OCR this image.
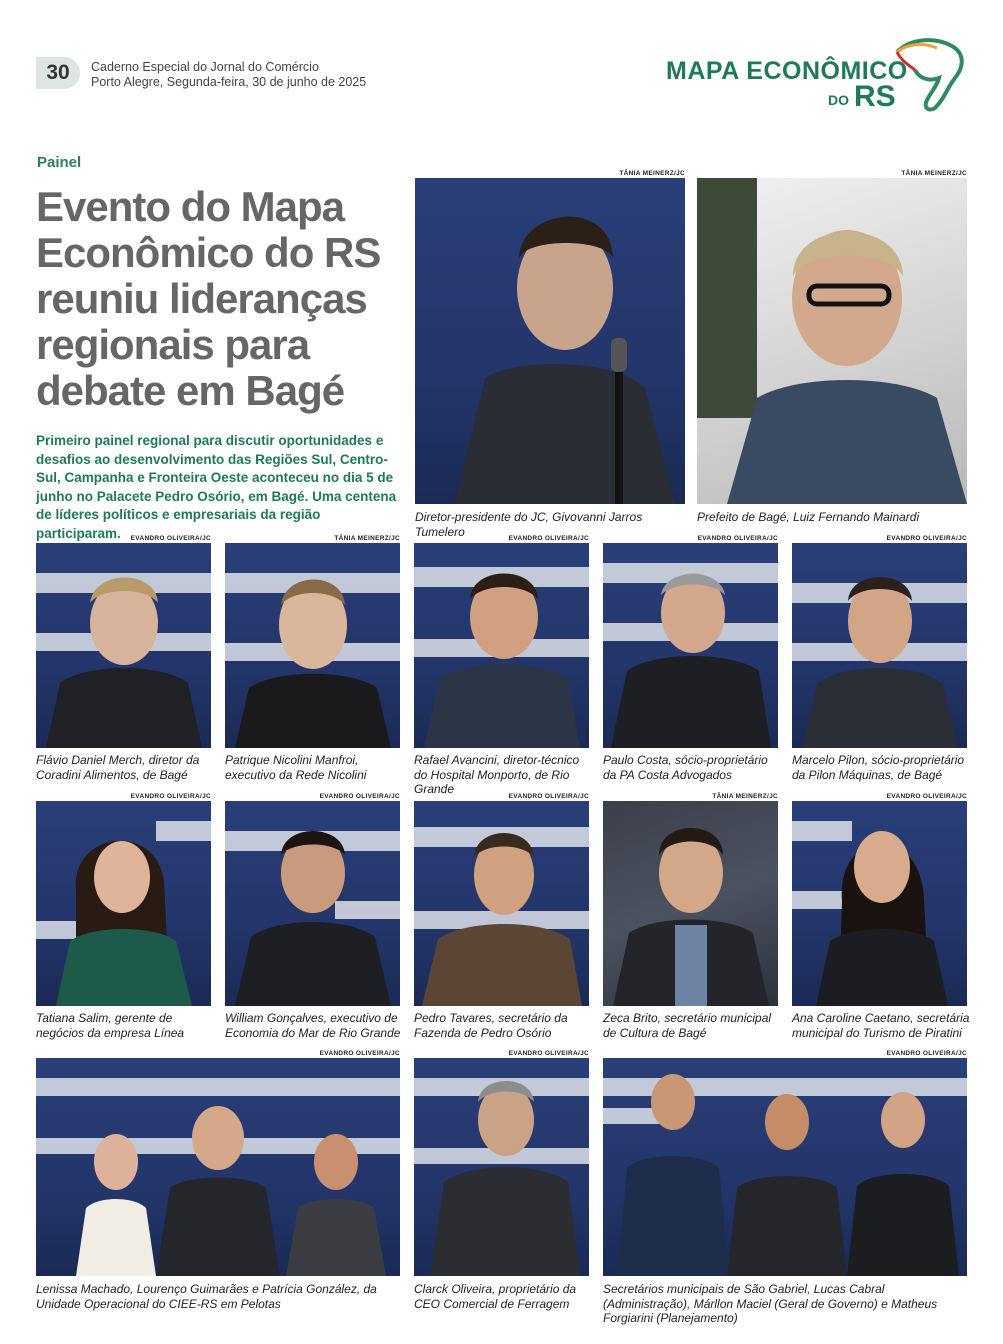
30	Caderno Especial do Jornal do Comércio
Porto Alegre, Segunda-feira, 30 de junho de 2025	MAPA ECONÔMICO
DO RS
Painel
Evento do Mapa Econômico do RS reuniu lideranças regionais para debate em Bagé
Primeiro painel regional para discutir oportunidades e desafios ao desenvolvimento das Regiões Sul, Centro-Sul, Campanha e Fronteira Oeste aconteceu no dia 5 de junho no Palacete Pedro Osório, em Bagé. Uma centena de líderes políticos e empresariais da região participaram.
TÂNIA MEINERZ/JC
Diretor-presidente do JC, Givovanni Jarros Tumelero
TÂNIA MEINERZ/JC
Prefeito de Bagé, Luiz Fernando Mainardi
EVANDRO OLIVEIRA/JC
Flávio Daniel Merch, diretor da Coradini Alimentos, de Bagé
TÂNIA MEINERZ/JC
Patrique Nicolini Manfroi, executivo da Rede Nicolini
EVANDRO OLIVEIRA/JC
Rafael Avancini, diretor-técnico do Hospital Monporto, de Rio Grande
EVANDRO OLIVEIRA/JC
Paulo Costa, sócio-proprietário da PA Costa Advogados
EVANDRO OLIVEIRA/JC
Marcelo Pilon, sócio-proprietário da Pilon Máquinas, de Bagé
EVANDRO OLIVEIRA/JC
Tatiana Salim, gerente de negócios da empresa Línea
EVANDRO OLIVEIRA/JC
William Gonçalves, executivo de Economia do Mar de Rio Grande
EVANDRO OLIVEIRA/JC
Pedro Tavares, secretário da Fazenda de Pedro Osório
TÂNIA MEINERZ/JC
Zeca Brito, secretário municipal de Cultura de Bagé
EVANDRO OLIVEIRA/JC
Ana Caroline Caetano, secretária municipal do Turismo de Piratini
EVANDRO OLIVEIRA/JC
Lenissa Machado, Lourenço Guimarães e Patrícia González, da Unidade Operacional do CIEE-RS em Pelotas
EVANDRO OLIVEIRA/JC
Clarck Oliveira, proprietário da CEO Comercial de Ferragem
EVANDRO OLIVEIRA/JC
Secretários municipais de São Gabriel, Lucas Cabral (Administração), Márllon Maciel (Geral de Governo) e Matheus Forgiarini (Planejamento)
